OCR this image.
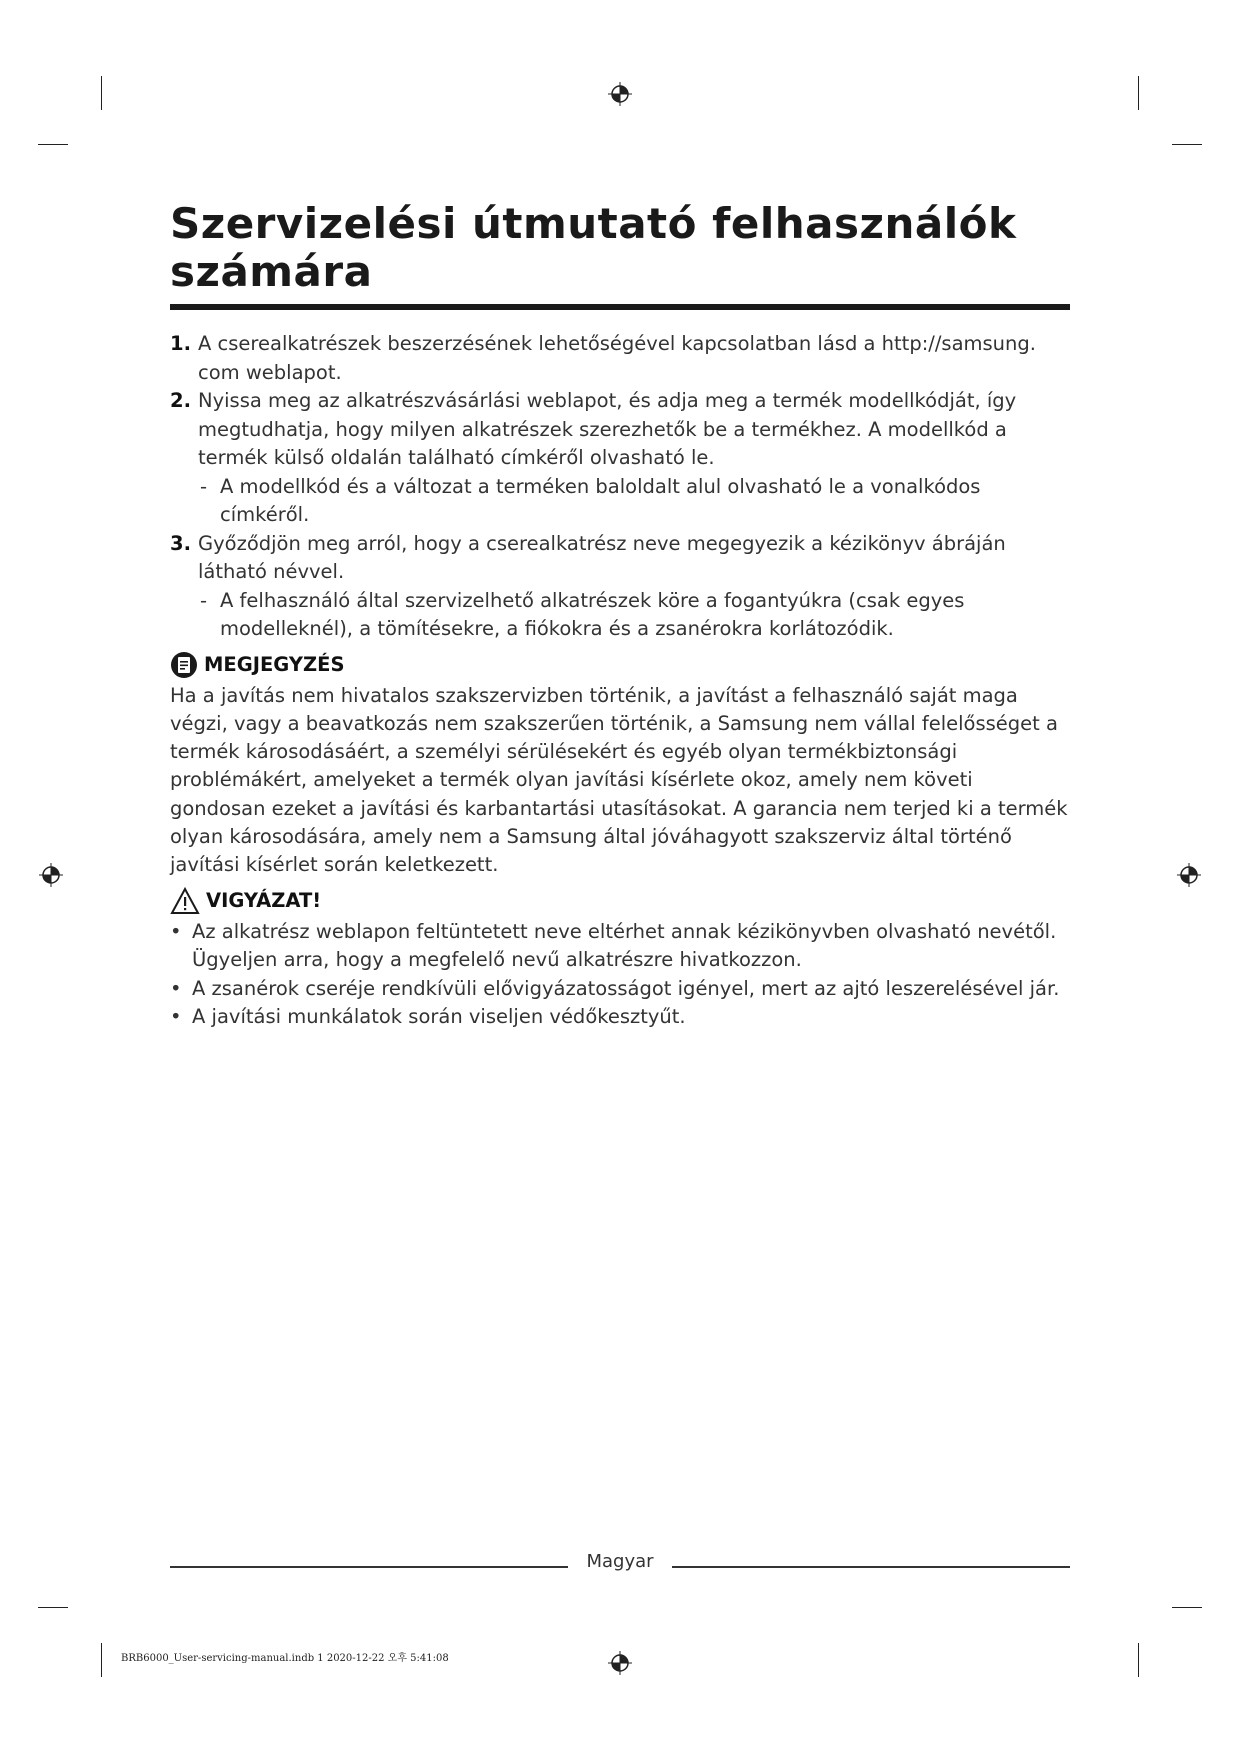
Szervizelési útmutató felhasználók számára
1. A cserealkatrészek beszerzésének lehetőségével kapcsolatban lásd a http://samsung. com weblapot.
2. Nyissa meg az alkatrészvásárlási weblapot, és adja meg a termék modellkódját, így megtudhatja, hogy milyen alkatrészek szerezhetők be a termékhez. A modellkód a termék külső oldalán található címkéről olvasható le.
- A modellkód és a változat a terméken baloldalt alul olvasható le a vonalkódos címkéről.
3. Győződjön meg arról, hogy a cserealkatrész neve megegyezik a kézikönyv ábráján látható névvel.
- A felhasználó által szervizelhető alkatrészek köre a fogantyúkra (csak egyes modelleknél), a tömítésekre, a fiókokra és a zsanérokra korlátozódik.
MEGJEGYZÉS

Ha a javítás nem hivatalos szakszervizben történik, a javítást a felhasználó saját maga végzi, vagy a beavatkozás nem szakszerűen történik, a Samsung nem vállal felelősséget a termék károsodásáért, a személyi sérülésekért és egyéb olyan termékbiztonsági problémákért, amelyeket a termék olyan javítási kísérlete okoz, amely nem követi gondosan ezeket a javítási és karbantartási utasításokat. A garancia nem terjed ki a termék olyan károsodására, amely nem a Samsung által jóváhagyott szakszerviz által történő javítási kísérlet során keletkezett.

VIGYÁZAT!
• Az alkatrész weblapon feltüntetett neve eltérhet annak kézikönyvben olvasható nevétől. Ügyeljen arra, hogy a megfelelő nevű alkatrészre hivatkozzon.
• A zsanérok cseréje rendkívüli elővigyázatosságot igényel, mert az ajtó leszerelésével jár.
• A javítási munkálatok során viseljen védőkesztyűt.
Magyar
BRB6000_User-servicing-manual.indb 1 2020-12-22 오후 5:41:08
